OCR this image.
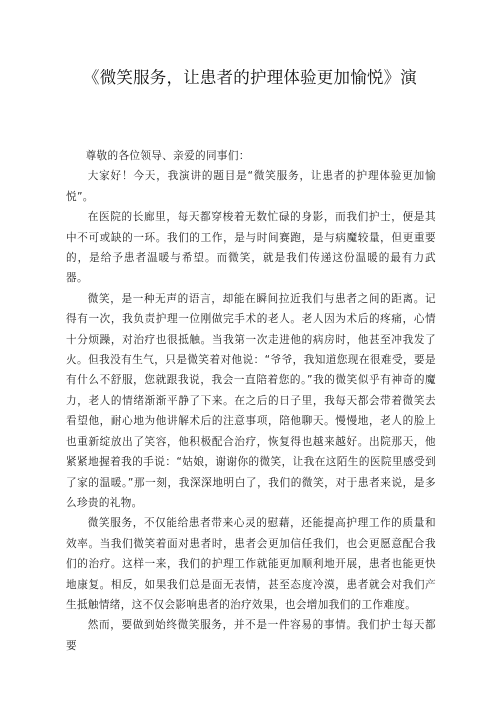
《微笑服务，让患者的护理体验更加愉悦》演

尊敬的各位领导、亲爱的同事们：

大家好！今天，我演讲的题目是“微笑服务，让患者的护理体验更加愉悦”。

在医院的长廊里，每天都穿梭着无数忙碌的身影，而我们护士，便是其中不可或缺的一环。我们的工作，是与时间赛跑，是与病魔较量，但更重要的，是给予患者温暖与希望。而微笑，就是我们传递这份温暖的最有力武器。

微笑，是一种无声的语言，却能在瞬间拉近我们与患者之间的距离。记得有一次，我负责护理一位刚做完手术的老人。老人因为术后的疼痛，心情十分烦躁，对治疗也很抵触。当我第一次走进他的病房时，他甚至冲我发了火。但我没有生气，只是微笑着对他说：“爷爷，我知道您现在很难受，要是有什么不舒服，您就跟我说，我会一直陪着您的。”我的微笑似乎有神奇的魔力，老人的情绪渐渐平静了下来。在之后的日子里，我每天都会带着微笑去看望他，耐心地为他讲解术后的注意事项，陪他聊天。慢慢地，老人的脸上也重新绽放出了笑容，他积极配合治疗，恢复得也越来越好。出院那天，他紧紧地握着我的手说：“姑娘，谢谢你的微笑，让我在这陌生的医院里感受到了家的温暖。”那一刻，我深深地明白了，我们的微笑，对于患者来说，是多么珍贵的礼物。

微笑服务，不仅能给患者带来心灵的慰藉，还能提高护理工作的质量和效率。当我们微笑着面对患者时，患者会更加信任我们，也会更愿意配合我们的治疗。这样一来，我们的护理工作就能更加顺利地开展，患者也能更快地康复。相反，如果我们总是面无表情，甚至态度冷漠，患者就会对我们产生抵触情绪，这不仅会影响患者的治疗效果，也会增加我们的工作难度。

然而，要做到始终微笑服务，并不是一件容易的事情。我们护士每天都要
